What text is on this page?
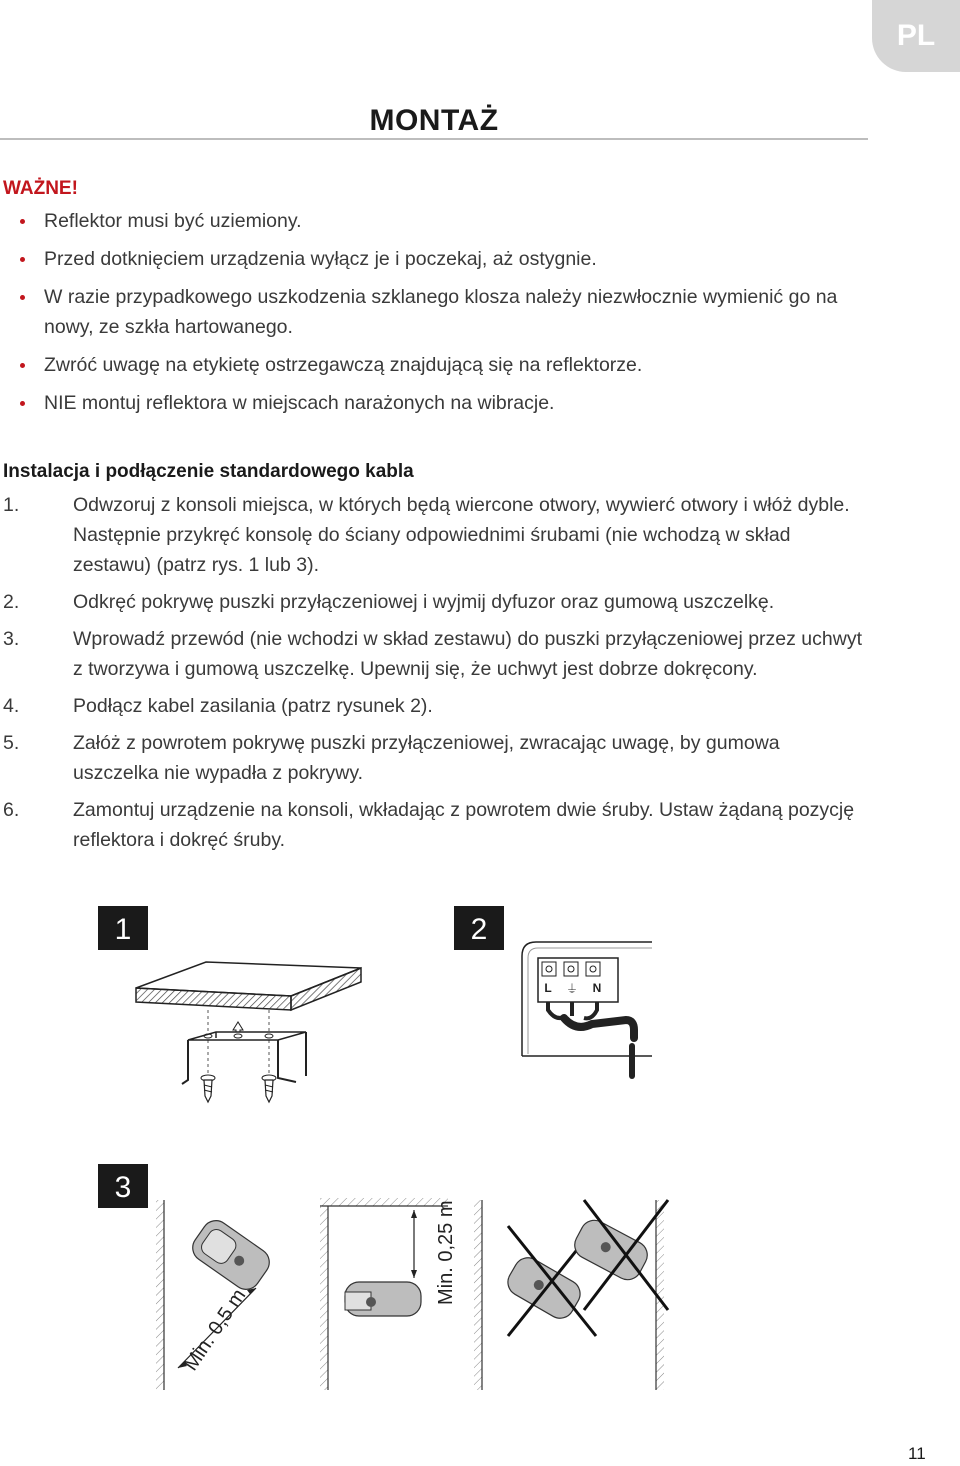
PL
MONTAŻ
WAŻNE!
Reflektor musi być uziemiony.
Przed dotknięciem urządzenia wyłącz je i poczekaj, aż ostygnie.
W razie przypadkowego uszkodzenia szklanego klosza należy niezwłocznie wymienić go na nowy, ze szkła hartowanego.
Zwróć uwagę na etykietę ostrzegawczą znajdującą się na reflektorze.
NIE montuj reflektora w miejscach narażonych na wibracje.
Instalacja i podłączenie standardowego kabla
1.	Odwzoruj z konsoli miejsca, w których będą wiercone otwory, wywierć otwory i włóż dyble. Następnie przykręć konsolę do ściany odpowiednimi śrubami (nie wchodzą w skład zestawu) (patrz rys. 1 lub 3).
2.	Odkręć pokrywę puszki przyłączeniowej i wyjmij dyfuzor oraz gumową uszczelkę.
3.	Wprowadź przewód (nie wchodzi w skład zestawu) do puszki przyłączeniowej przez uchwyt z tworzywa i gumową uszczelkę. Upewnij się, że uchwyt jest dobrze dokręcony.
4.	Podłącz kabel zasilania (patrz rysunek 2).
5.	Załóż z powrotem pokrywę puszki przyłączeniowej, zwracając uwagę, by gumowa uszczelka nie wypadła z pokrywy.
6.	Zamontuj urządzenie na konsoli, wkładając z powrotem dwie śruby. Ustaw żądaną pozycję reflektora i dokręć śruby.
1	2
L ⏚ N
3
Min. 0,5 m
Min. 0,25 m
11
